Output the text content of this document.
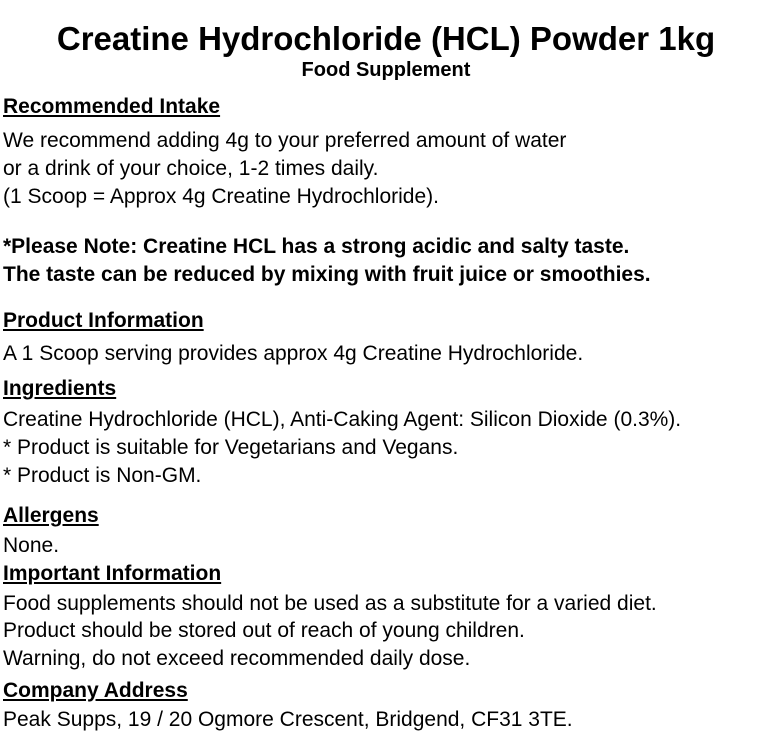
Creatine Hydrochloride (HCL) Powder 1kg
Food Supplement
Recommended Intake
We recommend adding 4g to your preferred amount of water
or a drink of your choice, 1-2 times daily.
(1 Scoop = Approx 4g Creatine Hydrochloride).
*Please Note: Creatine HCL has a strong acidic and salty taste.
The taste can be reduced by mixing with fruit juice or smoothies.
Product Information
A 1 Scoop serving provides approx 4g Creatine Hydrochloride.
Ingredients
Creatine Hydrochloride (HCL), Anti-Caking Agent: Silicon Dioxide (0.3%).
* Product is suitable for Vegetarians and Vegans.
* Product is Non-GM.
Allergens
None.
Important Information
Food supplements should not be used as a substitute for a varied diet.
Product should be stored out of reach of young children.
Warning, do not exceed recommended daily dose.
Company Address
Peak Supps, 19 / 20 Ogmore Crescent, Bridgend, CF31 3TE.
